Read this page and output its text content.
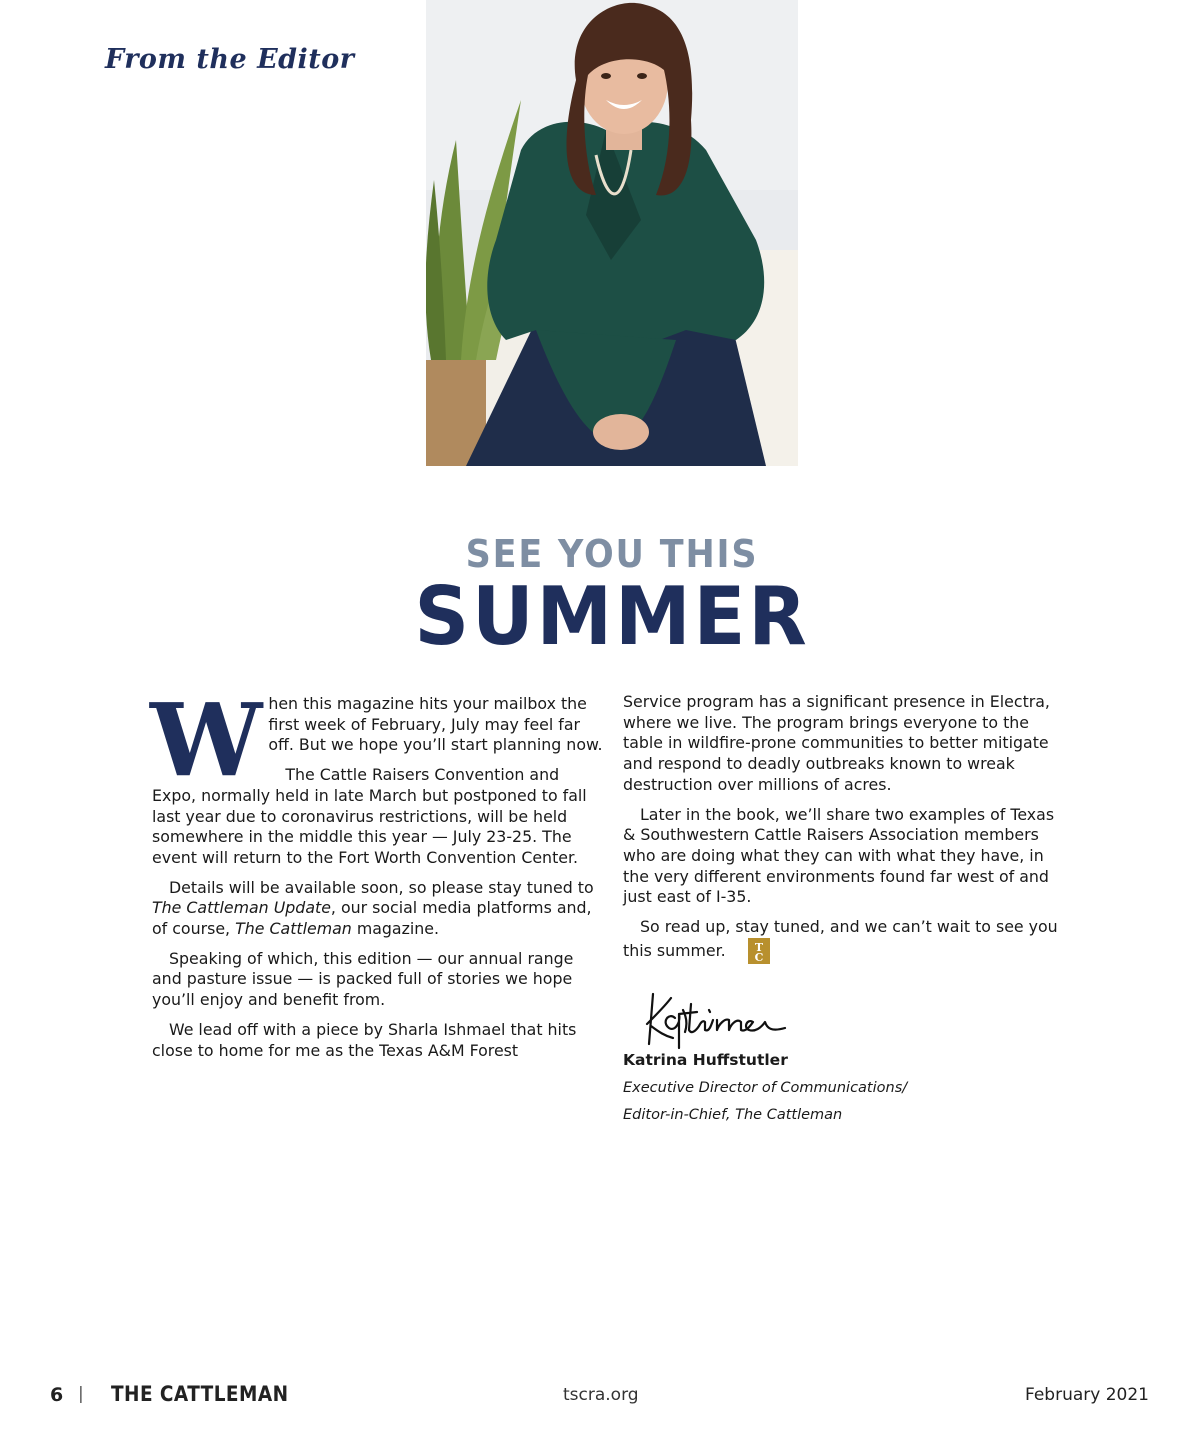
From the Editor
SEE YOU THIS
SUMMER

When this magazine hits your mailbox the first week of February, July may feel far off. But we hope you’ll start planning now.

The Cattle Raisers Convention and Expo, normally held in late March but postponed to fall last year due to coronavirus restrictions, will be held somewhere in the middle this year — July 23-25. The event will return to the Fort Worth Convention Center.

Details will be available soon, so please stay tuned to The Cattleman Update, our social media platforms and, of course, The Cattleman magazine.

Speaking of which, this edition — our annual range and pasture issue — is packed full of stories we hope you’ll enjoy and benefit from.

We lead off with a piece by Sharla Ishmael that hits close to home for me as the Texas A&M Forest

Service program has a significant presence in Electra, where we live. The program brings everyone to the table in wildfire-prone communities to better mitigate and respond to deadly outbreaks known to wreak destruction over millions of acres.

Later in the book, we’ll share two examples of Texas & Southwestern Cattle Raisers Association members who are doing what they can with what they have, in the very different environments found far west of and just east of I-35.

So read up, stay tuned, and we can’t wait to see you this summer.	T
C

Katrina Huffstutler

Executive Director of Communications/

Editor-in-Chief, The Cattleman

6 | THE CATTLEMAN	tscra.org	February 2021
